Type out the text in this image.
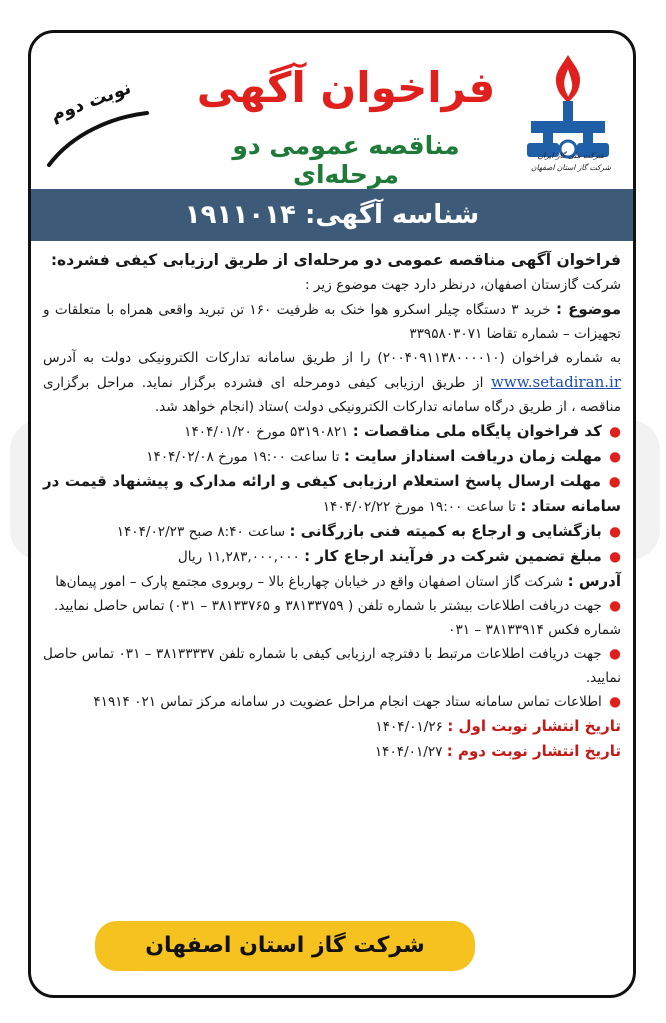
شرکت ملی گاز ایران
شرکت گاز استان اصفهان
فراخوان آگهی
مناقصه عمومی دو مرحله‌ای
نوبت دوم
شناسه آگهی: ۱۹۱۱۰۱۴

فراخوان آگهی مناقصه عمومی دو مرحله‌ای از طریق ارزیابی کیفی فشرده:

شرکت گازستان اصفهان، درنظر دارد جهت موضوع زیر :

موضوع : خرید ۳ دستگاه چیلر اسکرو هوا خنک به ظرفیت ۱۶۰ تن تبرید واقعی همراه با متعلقات و تجهیزات – شماره تقاضا ۳۳۹۵۸۰۳۰۷۱

به شماره فراخوان (۲۰۰۴۰۹۱۱۳۸۰۰۰۰۱۰) را از طریق سامانه تدارکات الکترونیکی دولت به آدرس www.setadiran.ir از طریق ارزیابی کیفی دومرحله ای فشرده برگزار نماید. مراحل برگزاری مناقصه ، از طریق درگاه سامانه تدارکات الکترونیکی دولت )ستاد (انجام خواهد شد.

● کد فراخوان پایگاه ملی مناقصات : ۵۳۱۹۰۸۲۱ مورخ ۱۴۰۴/۰۱/۲۰

● مهلت زمان دریافت اسناداز سایت : تا ساعت ۱۹:۰۰ مورخ ۱۴۰۴/۰۲/۰۸

● مهلت ارسال پاسخ استعلام ارزیابی کیفی و ارائه مدارک و پیشنهاد قیمت در سامانه ستاد : تا ساعت ۱۹:۰۰ مورخ ۱۴۰۴/۰۲/۲۲

● بازگشایی و ارجاع به کمیته فنی بازرگانی : ساعت ۸:۴۰ صبح ۱۴۰۴/۰۲/۲۳

● مبلغ تضمین شرکت در فرآیند ارجاع کار : ۱۱,۲۸۳,۰۰۰,۰۰۰ ریال

آدرس : شرکت گاز استان اصفهان واقع در خیابان چهارباغ بالا – روبروی مجتمع پارک – امور پیمان‌ها

● جهت دریافت اطلاعات بیشتر با شماره تلفن ( ۳۸۱۳۳۷۵۹ و ۳۸۱۳۳۷۶۵ – ۰۳۱) تماس حاصل نمایید.

شماره فکس ۳۸۱۳۳۹۱۴ – ۰۳۱

● جهت دریافت اطلاعات مرتبط با دفترچه ارزیابی کیفی با شماره تلفن ۳۸۱۳۳۳۳۷ – ۰۳۱ تماس حاصل نمایید.

● اطلاعات تماس سامانه ستاد جهت انجام مراحل عضویت در سامانه مرکز تماس ۰۲۱ ۴۱۹۱۴

تاریخ انتشار نوبت اول : ۱۴۰۴/۰۱/۲۶

تاریخ انتشار نوبت دوم : ۱۴۰۴/۰۱/۲۷

شرکت گاز استان اصفهان
